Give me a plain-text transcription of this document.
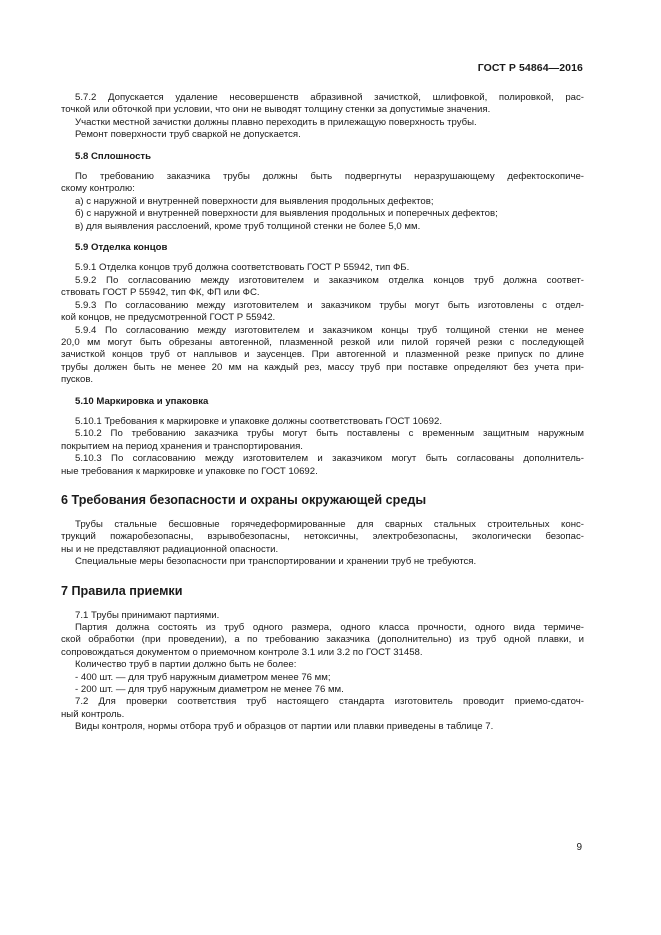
ГОСТ Р 54864—2016

5.7.2 Допускается удаление несовершенств абразивной зачисткой, шлифовкой, полировкой, рас-

точкой или обточкой при условии, что они не выводят толщину стенки за допустимые значения.

Участки местной зачистки должны плавно переходить в прилежащую поверхность трубы.

Ремонт поверхности труб сваркой не допускается.

5.8 Сплошность

По требованию заказчика трубы должны быть подвергнуты неразрушающему дефектоскопиче-

скому контролю:

а) с наружной и внутренней поверхности для выявления продольных дефектов;

б) с наружной и внутренней поверхности для выявления продольных и поперечных дефектов;

в) для выявления расслоений, кроме труб толщиной стенки не более 5,0 мм.

5.9 Отделка концов

5.9.1 Отделка концов труб должна соответствовать ГОСТ Р 55942, тип ФБ.

5.9.2 По согласованию между изготовителем и заказчиком отделка концов труб должна соответ-

ствовать ГОСТ Р 55942, тип ФК, ФП или ФС.

5.9.3 По согласованию между изготовителем и заказчиком трубы могут быть изготовлены с отдел-

кой концов, не предусмотренной ГОСТ Р 55942.

5.9.4 По согласованию между изготовителем и заказчиком концы труб толщиной стенки не менее

20,0 мм могут быть обрезаны автогенной, плазменной резкой или пилой горячей резки с последующей

зачисткой концов труб от наплывов и заусенцев. При автогенной и плазменной резке припуск по длине

трубы должен быть не менее 20 мм на каждый рез, массу труб при поставке определяют без учета при-

пусков.

5.10 Маркировка и упаковка

5.10.1 Требования к маркировке и упаковке должны соответствовать ГОСТ 10692.

5.10.2 По требованию заказчика трубы могут быть поставлены с временным защитным наружным

покрытием на период хранения и транспортирования.

5.10.3 По согласованию между изготовителем и заказчиком могут быть согласованы дополнитель-

ные требования к маркировке и упаковке по ГОСТ 10692.

6 Требования безопасности и охраны окружающей среды

Трубы стальные бесшовные горячедеформированные для сварных стальных строительных конс-

трукций пожаробезопасны, взрывобезопасны, нетоксичны, электробезопасны, экологически безопас-

ны и не представляют радиационной опасности.

Специальные меры безопасности при транспортировании и хранении труб не требуются.

7 Правила приемки

7.1 Трубы принимают партиями.

Партия должна состоять из труб одного размера, одного класса прочности, одного вида термиче-

ской обработки (при проведении), а по требованию заказчика (дополнительно) из труб одной плавки, и

сопровождаться документом о приемочном контроле 3.1 или 3.2 по ГОСТ 31458.

Количество труб в партии должно быть не более:

- 400 шт. — для труб наружным диаметром менее 76 мм;

- 200 шт. — для труб наружным диаметром не менее 76 мм.

7.2 Для проверки соответствия труб настоящего стандарта изготовитель проводит приемо-сдаточ-

ный контроль.

Виды контроля, нормы отбора труб и образцов от партии или плавки приведены в таблице 7.

9
